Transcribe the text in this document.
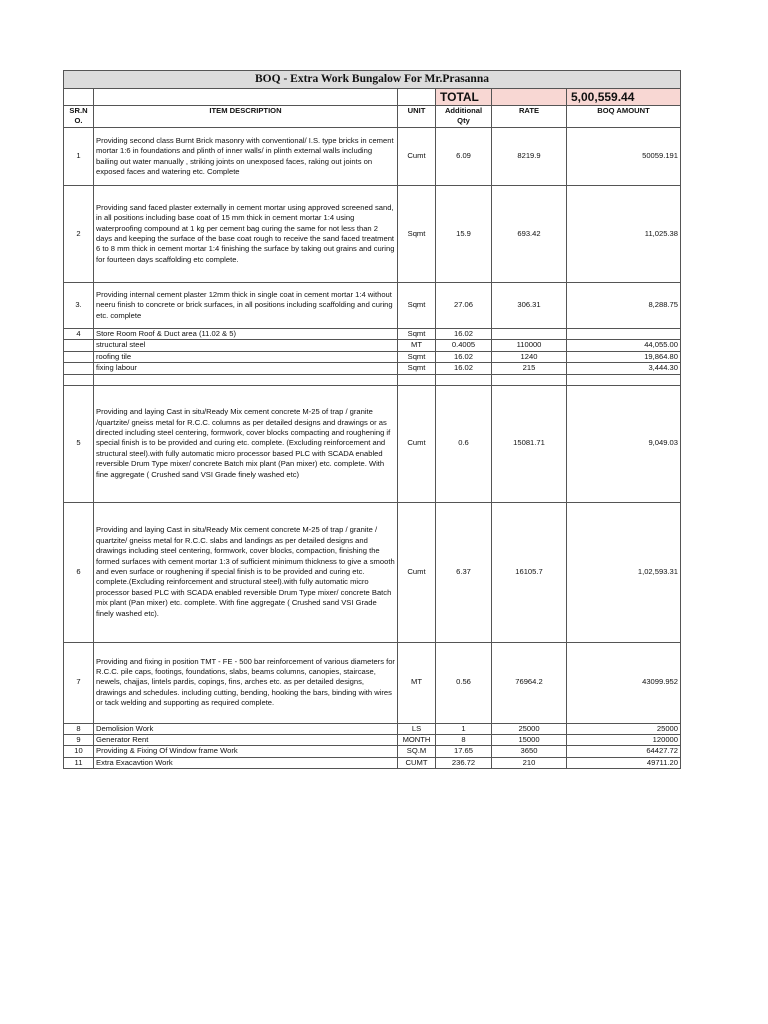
BOQ - Extra Work Bungalow For Mr.Prasanna					
			TOTAL		5,00,559.44
SR.N O.	ITEM DESCRIPTION	UNIT	Additional Qty	RATE	BOQ AMOUNT
1	Providing second class Burnt Brick masonry with conventional/ I.S. type bricks in cement mortar 1:6 in foundations and plinth of inner walls/ in plinth external walls including bailing out water manually , striking joints on unexposed faces, raking out joints on exposed faces and watering etc. Complete	Cumt	6.09	8219.9	50059.191
2	Providing sand faced plaster externally in cement mortar using approved screened sand, in all positions including base coat of 15 mm thick in cement mortar 1:4 using waterproofing compound at 1 kg per cement bag curing the same for not less than 2 days and keeping the surface of the base coat rough to receive the sand faced treatment 6 to 8 mm thick in cement mortar 1:4 finishing the surface by taking out grains and curing for fourteen days scaffolding etc complete.	Sqmt	15.9	693.42	11,025.38
3.	Providing internal cement plaster 12mm thick in single coat in cement mortar 1:4 without neeru finish to concrete or brick surfaces, in all positions including scaffolding and curing etc. complete	Sqmt	27.06	306.31	8,288.75
4	Store Room Roof & Duct area (11.02 & 5)	Sqmt	16.02		

	structural steel	MT	0.4005	110000	44,055.00

	roofing tile	Sqmt	16.02	1240	19,864.80

	fixing labour	Sqmt	16.02	215	3,444.30

5	Providing and laying Cast in situ/Ready Mix cement concrete M-25 of trap / granite /quartzite/ gneiss metal for R.C.C. columns as per detailed designs and drawings or as directed including steel centering, formwork, cover blocks compacting and roughening if special finish is to be provided and curing etc. complete. (Excluding reinforcement and structural steel).with fully automatic micro processor based PLC with SCADA enabled reversible Drum Type mixer/ concrete Batch mix plant (Pan mixer) etc. complete. With fine aggregate ( Crushed sand VSI Grade finely washed etc)	Cumt	0.6	15081.71	9,049.03
6	Providing and laying Cast in situ/Ready Mix cement concrete M-25 of trap / granite / quartzite/ gneiss metal for R.C.C. slabs and landings as per detailed designs and drawings including steel centering, formwork, cover blocks, compaction, finishing the formed surfaces with cement mortar 1:3 of sufficient minimum thickness to give a smooth and even surface or roughening if special finish is to be provided and curing etc. complete.(Excluding reinforcement and structural steel).with fully automatic micro processor based PLC with SCADA enabled reversible Drum Type mixer/ concrete Batch mix plant (Pan mixer) etc. complete. With fine aggregate ( Crushed sand VSI Grade finely washed etc).	Cumt	6.37	16105.7	1,02,593.31
7	Providing and fixing in position TMT - FE - 500 bar reinforcement of various diameters for R.C.C. pile caps, footings, foundations, slabs, beams columns, canopies, staircase, newels, chajjas, lintels pardis, copings, fins, arches etc. as per detailed designs, drawings and schedules. including cutting, bending, hooking the bars, binding with wires or tack welding and supporting as required complete.	MT	0.56	76964.2	43099.952
8	Demolision Work	LS	1	25000	25000
9	Generator Rent	MONTH	8	15000	120000
10	Providing & Fixing Of Window frame Work	SQ.M	17.65	3650	64427.72
11	Extra Exacavtion Work	CUMT	236.72	210	49711.20
